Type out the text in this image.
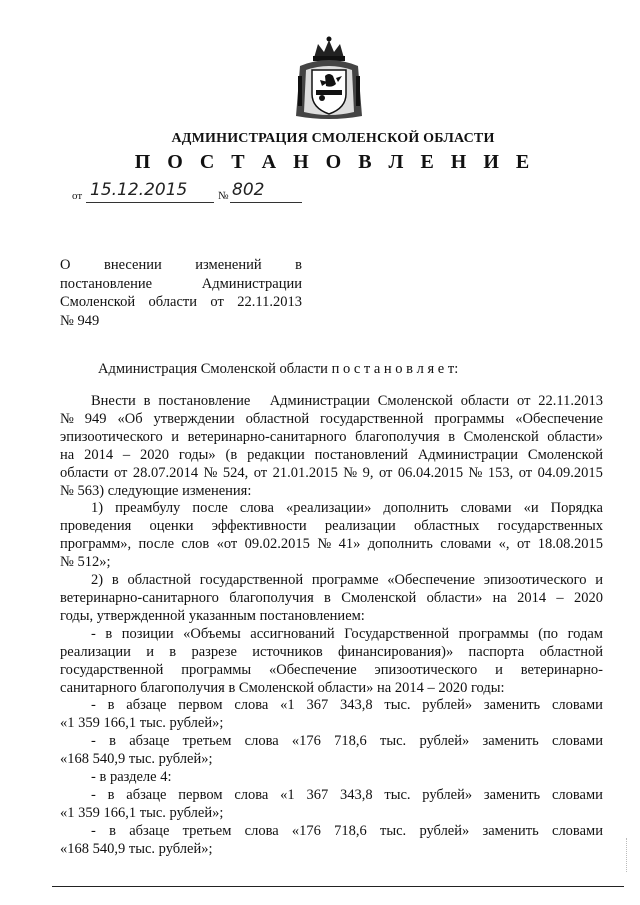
АДМИНИСТРАЦИЯ СМОЛЕНСКОЙ ОБЛАСТИ
П О С Т А Н О В Л Е Н И Е
от 15.12.2015	№ 802
О внесении изменений в
постановление	Администрации
Смоленской области от 22.11.2013
№ 949
Администрация Смоленской области п о с т а н о в л я е т:
Внести в постановление
Администрации Смоленской области от 22.11.2013
№ 949 «Об утверждении областной государственной программы «Обеспечение
эпизоотического и ветеринарно-санитарного благополучия в Смоленской области»
на 2014 – 2020 годы» (в редакции постановлений Администрации Смоленской
области от 28.07.2014 № 524, от 21.01.2015 № 9, от 06.04.2015 № 153, от 04.09.2015
№ 563) следующие изменения:
1) преамбулу после слова «реализации» дополнить словами «и Порядка
проведения оценки эффективности реализации областных государственных
программ», после слов «от 09.02.2015 № 41» дополнить словами «, от 18.08.2015
№ 512»;
2) в областной государственной программе «Обеспечение эпизоотического и
ветеринарно-санитарного благополучия в Смоленской области» на 2014 – 2020
годы, утвержденной указанным постановлением:
- в позиции «Объемы ассигнований Государственной программы (по годам
реализации и в разрезе источников финансирования)» паспорта областной
государственной программы «Обеспечение эпизоотического и ветеринарно-
санитарного благополучия в Смоленской области» на 2014 – 2020 годы:
- в абзаце первом слова «1 367 343,8 тыс. рублей» заменить словами
«1 359 166,1 тыс. рублей»;
- в абзаце третьем слова «176 718,6 тыс. рублей» заменить словами
«168 540,9 тыс. рублей»;
- в разделе 4:
- в абзаце первом слова «1 367 343,8 тыс. рублей» заменить словами
«1 359 166,1 тыс. рублей»;
- в абзаце третьем слова «176 718,6 тыс. рублей» заменить словами
«168 540,9 тыс. рублей»;
